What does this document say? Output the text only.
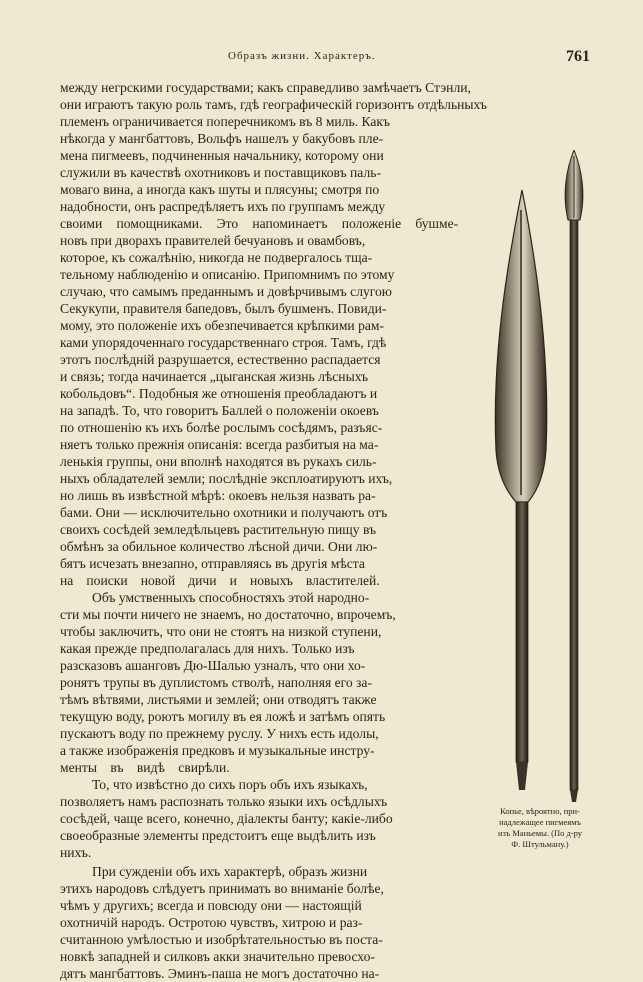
Образъ жизни. Характеръ.	761
между негрскими государствами; какъ справедливо замѣчаетъ Стэнли,
они играютъ такую роль тамъ, гдѣ географическій горизонтъ отдѣльныхъ
племенъ ограничивается поперечникомъ въ 8 миль. Какъ
нѣкогда у мангбаттовъ, Вольфъ нашелъ у бакубовъ пле-
мена пигмеевъ, подчиненныя начальнику, которому они
служили въ качествѣ охотниковъ и поставщиковъ паль-
моваго вина, а иногда какъ шуты и плясуны; смотря по
надобности, онъ распредѣляетъ ихъ по группамъ между
своими помощниками. Это напоминаетъ положеніе бушме-
новъ при дворахъ правителей бечуановъ и овамбовъ,
которое, къ сожалѣнію, никогда не подвергалось тща-
тельному наблюденію и описанію. Припомнимъ по этому
случаю, что самымъ преданнымъ и довѣрчивымъ слугою
Секукупи, правителя бапедовъ, былъ бушменъ. Повиди-
мому, это положеніе ихъ обезпечивается крѣпкими рам-
ками упорядоченнаго государственнаго строя. Тамъ, гдѣ
этотъ послѣдній разрушается, естественно распадается
и связь; тогда начинается „цыганская жизнь лѣсныхъ
кобольдовъ“. Подобныя же отношенія преобладаютъ и
на западѣ. То, что говоритъ Баллей о положеніи окоевъ
по отношенію къ ихъ болѣе рослымъ сосѣдямъ, разъяс-
няетъ только прежнія описанія: всегда разбитыя на ма-
ленькія группы, они вполнѣ находятся въ рукахъ силь-
ныхъ обладателей земли; послѣдніе эксплоатируютъ ихъ,
но лишь въ извѣстной мѣрѣ: окоевъ нельзя назвать ра-
бами. Они — исключительно охотники и получаютъ отъ
своихъ сосѣдей земледѣльцевъ растительную пищу въ
обмѣнъ за обильное количество лѣсной дичи. Они лю-
бятъ исчезать внезапно, отправляясь въ другія мѣста
на поиски новой дичи и новыхъ властителей.
Объ умственныхъ способностяхъ этой народно-
сти мы почти ничего не знаемъ, но достаточно, впрочемъ,
чтобы заключить, что они не стоятъ на низкой ступени,
какая прежде предполагалась для нихъ. Только изъ
разсказовъ ашанговъ Дю-Шалью узналъ, что они хо-
ронятъ трупы въ дуплистомъ стволѣ, наполняя его за-
тѣмъ вѣтвями, листьями и землей; они отводятъ также
текущую воду, роютъ могилу въ ея ложѣ и затѣмъ опять
пускаютъ воду по прежнему руслу. У нихъ есть идолы,
а также изображенія предковъ и музыкальные инстру-
менты въ видѣ свирѣли.
То, что извѣстно до сихъ поръ объ ихъ языкахъ,
позволяетъ намъ распознать только языки ихъ осѣдлыхъ
сосѣдей, чаще всего, конечно, діалекты банту; какіе-либо
своеобразные элементы предстоитъ еще выдѣлить изъ
нихъ.
При сужденіи объ ихъ характерѣ, образъ жизни
этихъ народовъ слѣдуетъ принимать во вниманіе болѣе,
чѣмъ у другихъ; всегда и повсюду они — настоящій
охотничій народъ. Остротою чувствъ, хитрою и раз-
считанною умѣлостью и изобрѣтательностью въ поста-
новкѣ западней и силковъ акки значительно превосхо-
дятъ мангбаттовъ. Эминъ-паша не могъ достаточно на-
Копье, вѣроятно, при-
надлежащее пигмеямъ
изъ Маньемы. (По д-ру
Ф. Штульману.)
